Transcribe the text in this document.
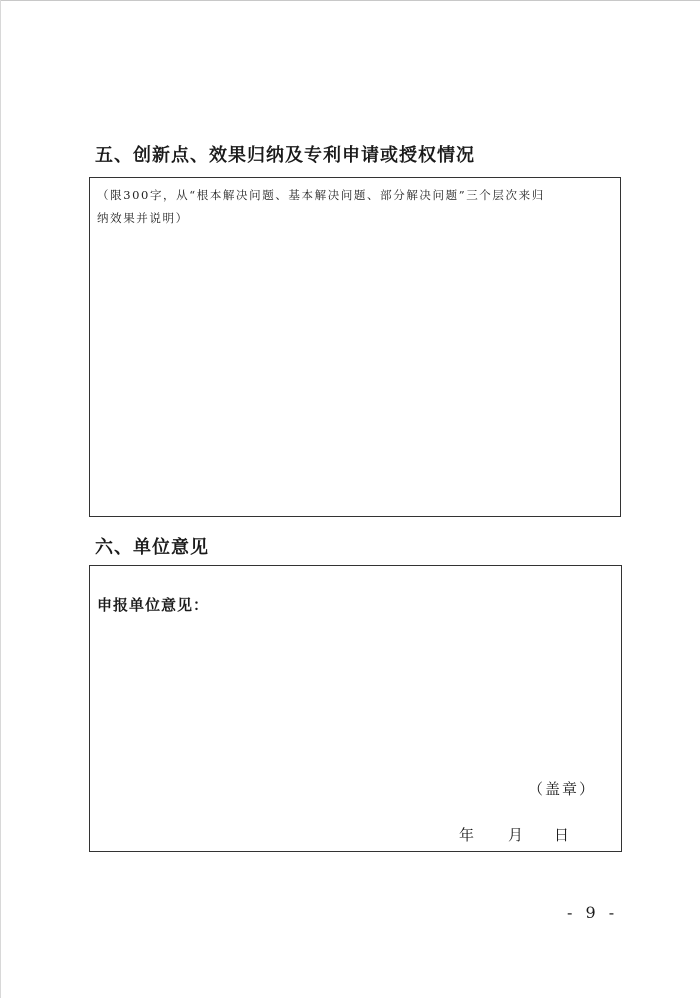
五、创新点、效果归纳及专利申请或授权情况
（限300字，从“根本解决问题、基本解决问题、部分解决问题”三个层次来归
纳效果并说明）
六、单位意见
申报单位意见：
（盖章）
年 月 日
- 9 -
